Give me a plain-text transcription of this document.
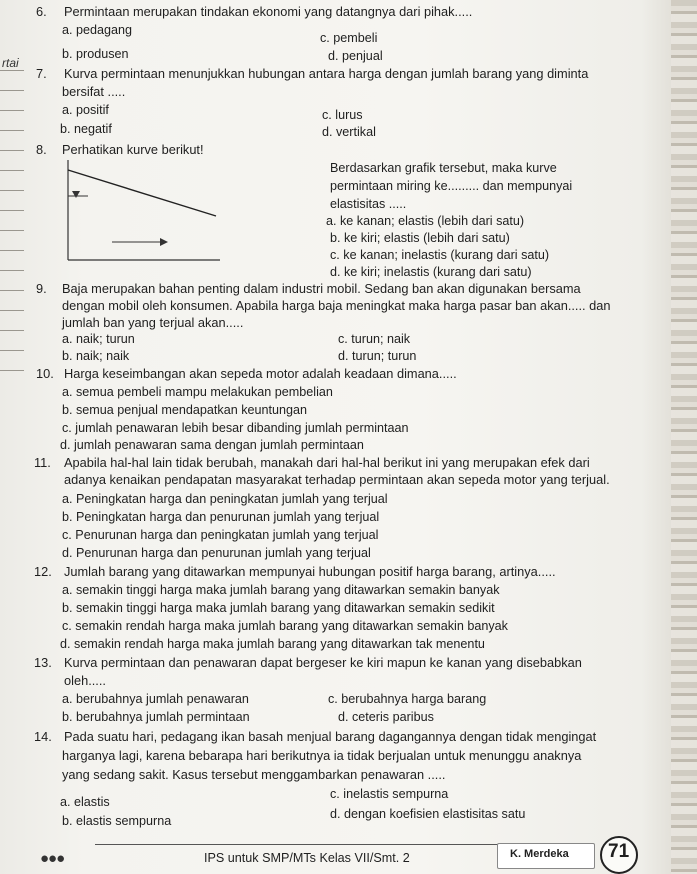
rtai
6. Permintaan merupakan tindakan ekonomi yang datangnya dari pihak.....
a. pedagang
c. pembeli
b. produsen	d. penjual
7. Kurva permintaan menunjukkan hubungan antara harga dengan jumlah barang yang diminta
bersifat .....
a. positif	c. lurus
b. negatif	d. vertikal
8. Perhatikan kurve berikut!
Berdasarkan grafik tersebut, maka kurve
permintaan miring ke......... dan mempunyai
elastisitas .....
a. ke kanan; elastis (lebih dari satu)
b. ke kiri; elastis (lebih dari satu)
c. ke kanan; inelastis (kurang dari satu)
d. ke kiri; inelastis (kurang dari satu)
9. Baja merupakan bahan penting dalam industri mobil. Sedang ban akan digunakan bersama
dengan mobil oleh konsumen. Apabila harga baja meningkat maka harga pasar ban akan..... dan
jumlah ban yang terjual akan.....
a. naik; turun	c. turun; naik
b. naik; naik	d. turun; turun
10. Harga keseimbangan akan sepeda motor adalah keadaan dimana.....
a. semua pembeli mampu melakukan pembelian
b. semua penjual mendapatkan keuntungan
c. jumlah penawaran lebih besar dibanding jumlah permintaan
d. jumlah penawaran sama dengan jumlah permintaan
11. Apabila hal-hal lain tidak berubah, manakah dari hal-hal berikut ini yang merupakan efek dari
adanya kenaikan pendapatan masyarakat terhadap permintaan akan sepeda motor yang terjual.
a. Peningkatan harga dan peningkatan jumlah yang terjual
b. Peningkatan harga dan penurunan jumlah yang terjual
c. Penurunan harga dan peningkatan jumlah yang terjual
d. Penurunan harga dan penurunan jumlah yang terjual
12. Jumlah barang yang ditawarkan mempunyai hubungan positif harga barang, artinya.....
a. semakin tinggi harga maka jumlah barang yang ditawarkan semakin banyak
b. semakin tinggi harga maka jumlah barang yang ditawarkan semakin sedikit
c. semakin rendah harga maka jumlah barang yang ditawarkan semakin banyak
d. semakin rendah harga maka jumlah barang yang ditawarkan tak menentu
13. Kurva permintaan dan penawaran dapat bergeser ke kiri mapun ke kanan yang disebabkan
oleh.....
a. berubahnya jumlah penawaran	c. berubahnya harga barang
b. berubahnya jumlah permintaan	d. ceteris paribus
14. Pada suatu hari, pedagang ikan basah menjual barang dagangannya dengan tidak mengingat
harganya lagi, karena bebarapa hari berikutnya ia tidak berjualan untuk menunggu anaknya
yang sedang sakit. Kasus tersebut menggambarkan penawaran .....
a. elastis
c. inelastis sempurna
b. elastis sempurna	d. dengan koefisien elastisitas satu
●●●	IPS untuk SMP/MTs Kelas VII/Smt. 2	K. Merdeka 71
